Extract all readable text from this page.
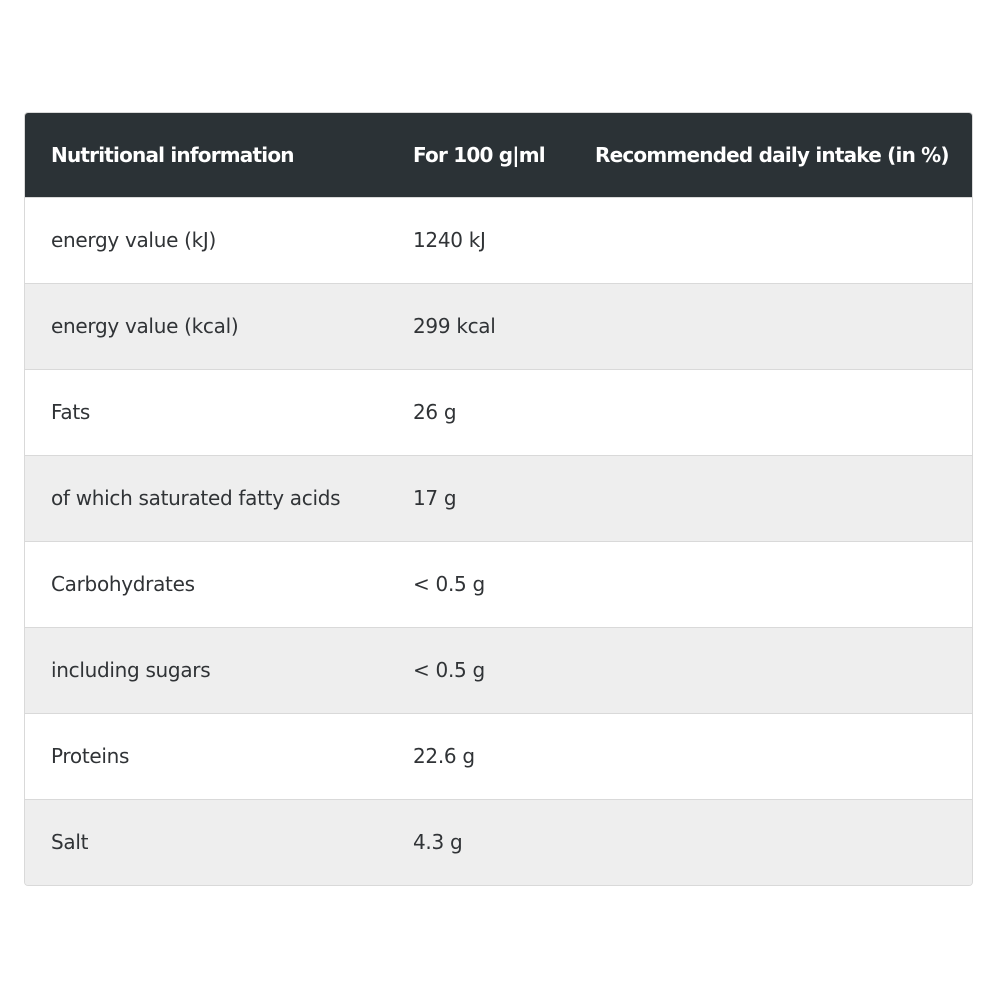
Nutritional information	For 100 g|ml	Recommended daily intake (in %)
energy value (kJ)	1240 kJ	
energy value (kcal)	299 kcal	
Fats	26 g	
of which saturated fatty acids	17 g	
Carbohydrates	< 0.5 g	
including sugars	< 0.5 g	
Proteins	22.6 g	
Salt	4.3 g	
